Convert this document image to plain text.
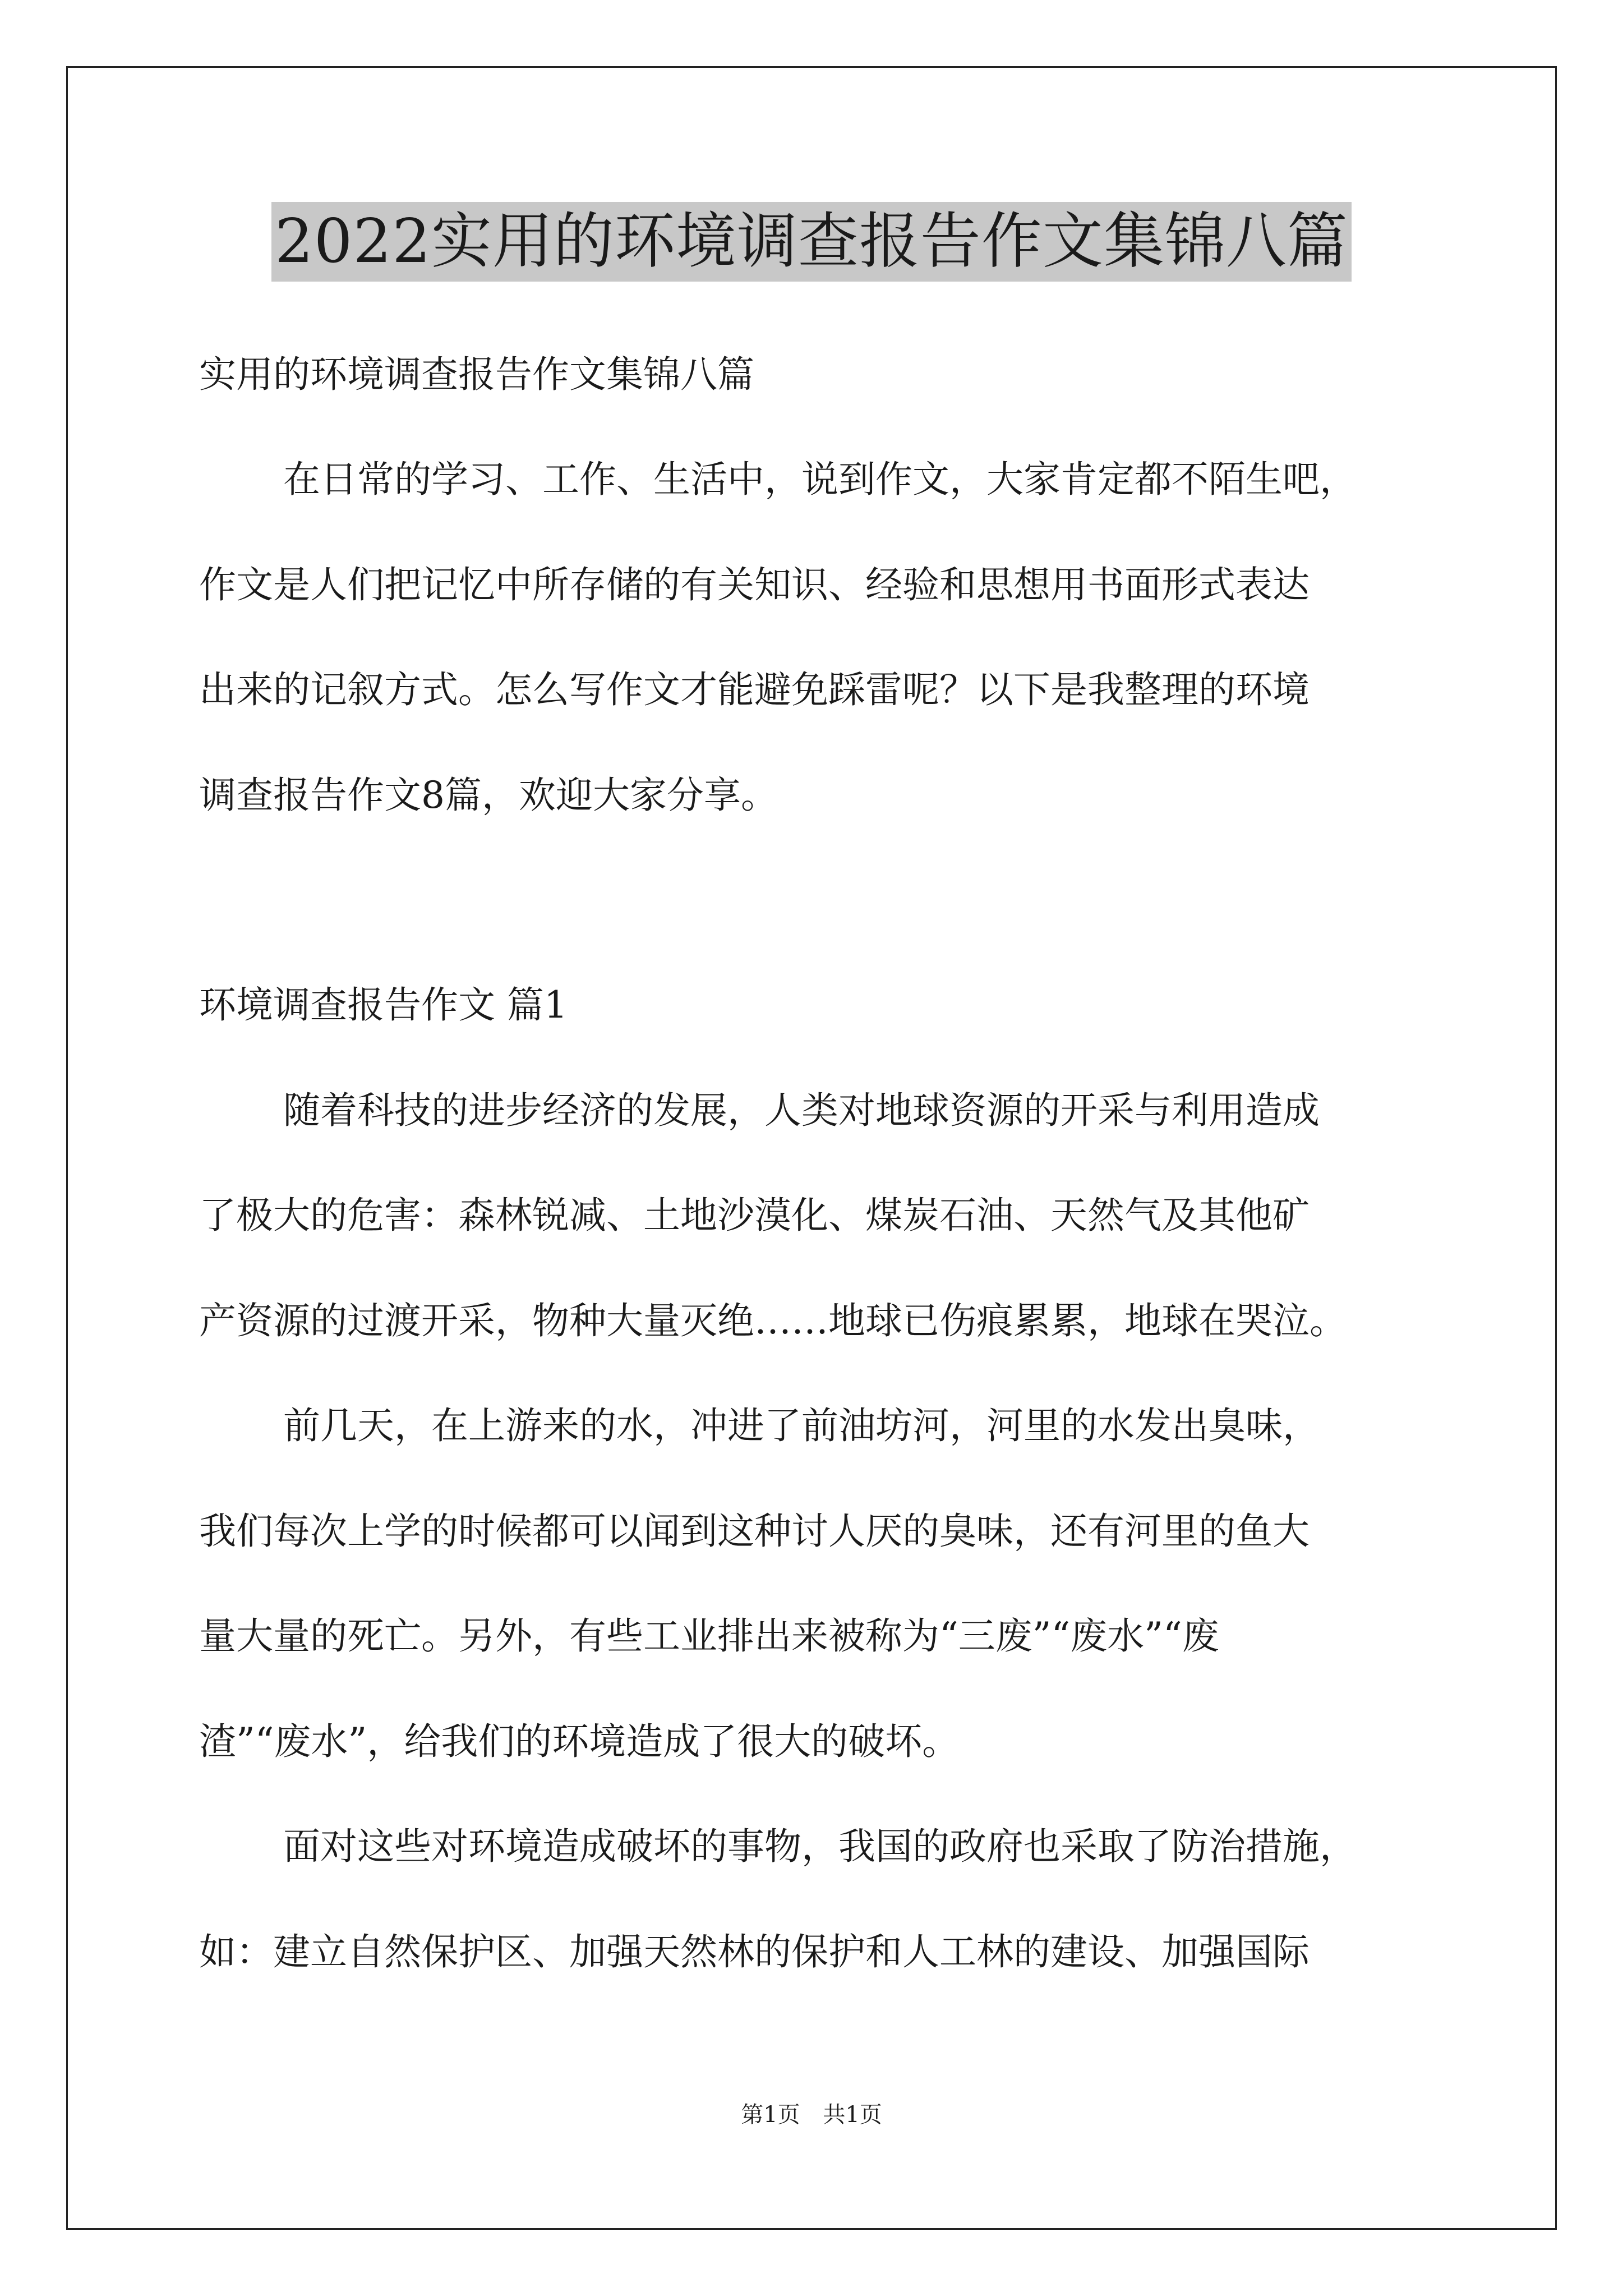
2022实用的环境调查报告作文集锦八篇
实用的环境调查报告作文集锦八篇
在日常的学习、工作、生活中，说到作文，大家肯定都不陌生吧，
作文是人们把记忆中所存储的有关知识、经验和思想用书面形式表达
出来的记叙方式。怎么写作文才能避免踩雷呢？以下是我整理的环境
调查报告作文8篇，欢迎大家分享。
环境调查报告作文 篇1
随着科技的进步经济的发展，人类对地球资源的开采与利用造成
了极大的危害：森林锐减、土地沙漠化、煤炭石油、天然气及其他矿
产资源的过渡开采，物种大量灭绝……地球已伤痕累累，地球在哭泣。
前几天，在上游来的水，冲进了前油坊河，河里的水发出臭味，
我们每次上学的时候都可以闻到这种讨人厌的臭味，还有河里的鱼大
量大量的死亡。另外，有些工业排出来被称为“三废”“废水”“废
渣”“废水”，给我们的环境造成了很大的破坏。
面对这些对环境造成破坏的事物，我国的政府也采取了防治措施，
如：建立自然保护区、加强天然林的保护和人工林的建设、加强国际
第1页 共1页
